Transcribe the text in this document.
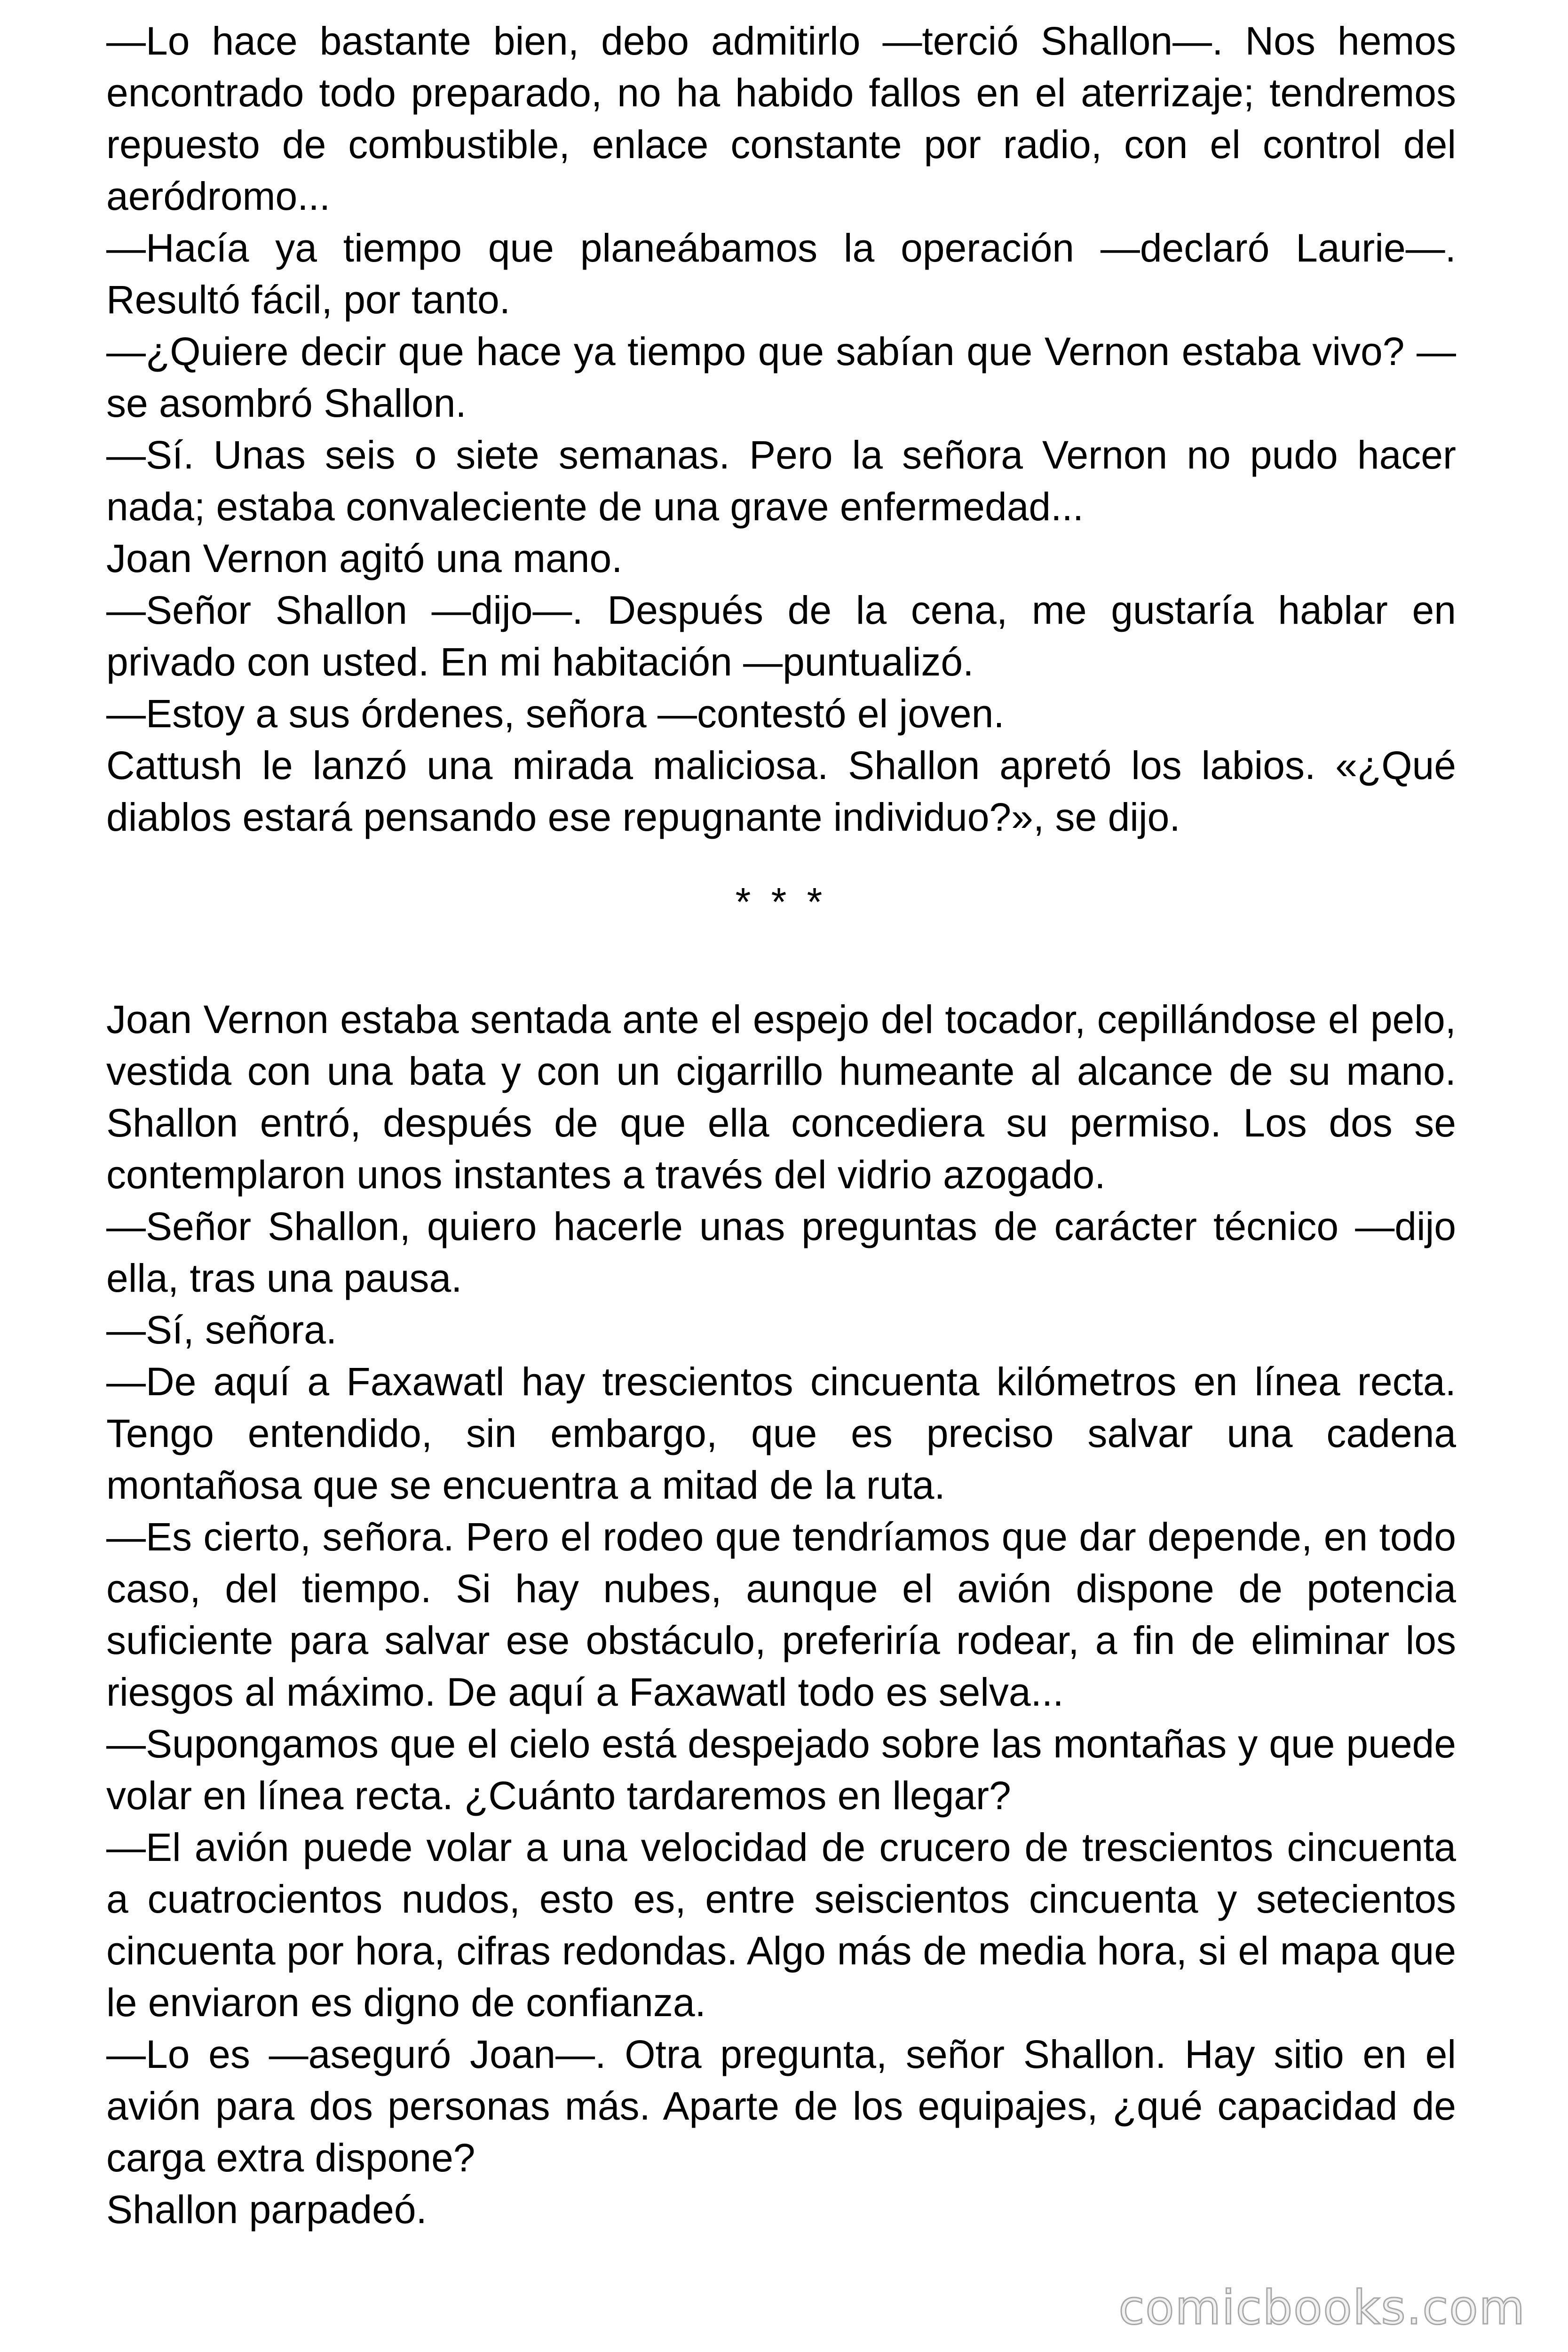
—Lo hace bastante bien, debo admitirlo —terció Shallon—. Nos hemos encontrado todo preparado, no ha habido fallos en el aterrizaje; tendremos repuesto de combustible, enlace constante por radio, con el control del aeródromo...

—Hacía ya tiempo que planeábamos la operación —declaró Laurie—. Resultó fácil, por tanto.

—¿Quiere decir que hace ya tiempo que sabían que Vernon estaba vivo? —se asombró Shallon.

—Sí. Unas seis o siete semanas. Pero la señora Vernon no pudo hacer nada; estaba convaleciente de una grave enfermedad...

Joan Vernon agitó una mano.

—Señor Shallon —dijo—. Después de la cena, me gustaría hablar en privado con usted. En mi habitación —puntualizó.

—Estoy a sus órdenes, señora —contestó el joven.

Cattush le lanzó una mirada maliciosa. Shallon apretó los labios. «¿Qué diablos estará pensando ese repugnante individuo?», se dijo.

* * *

Joan Vernon estaba sentada ante el espejo del tocador, cepillándose el pelo, vestida con una bata y con un cigarrillo humeante al alcance de su mano. Shallon entró, después de que ella concediera su permiso. Los dos se contemplaron unos instantes a través del vidrio azogado.

—Señor Shallon, quiero hacerle unas preguntas de carácter técnico —dijo ella, tras una pausa.

—Sí, señora.

—De aquí a Faxawatl hay trescientos cincuenta kilómetros en línea recta. Tengo entendido, sin embargo, que es preciso salvar una cadena montañosa que se encuentra a mitad de la ruta.

—Es cierto, señora. Pero el rodeo que tendríamos que dar depende, en todo caso, del tiempo. Si hay nubes, aunque el avión dispone de potencia suficiente para salvar ese obstáculo, preferiría rodear, a fin de eliminar los riesgos al máximo. De aquí a Faxawatl todo es selva...

—Supongamos que el cielo está despejado sobre las montañas y que puede volar en línea recta. ¿Cuánto tardaremos en llegar?

—El avión puede volar a una velocidad de crucero de trescientos cincuenta a cuatrocientos nudos, esto es, entre seiscientos cincuenta y setecientos cincuenta por hora, cifras redondas. Algo más de media hora, si el mapa que le enviaron es digno de confianza.

—Lo es —aseguró Joan—. Otra pregunta, señor Shallon. Hay sitio en el avión para dos personas más. Aparte de los equipajes, ¿qué capacidad de carga extra dispone?

Shallon parpadeó.

comicbooks.com
